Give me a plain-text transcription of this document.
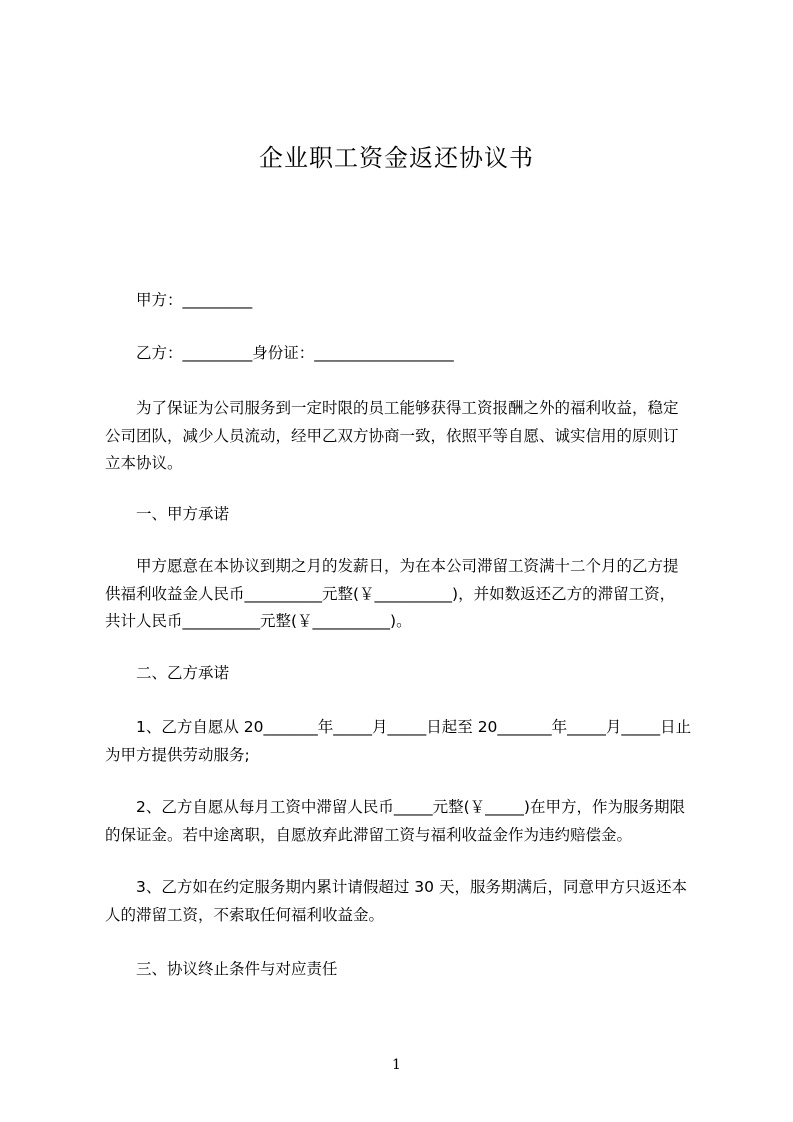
企业职工资金返还协议书

甲方：_________

乙方：_________身份证：__________________

为了保证为公司服务到一定时限的员工能够获得工资报酬之外的福利收益，稳定
公司团队，减少人员流动，经甲乙双方协商一致，依照平等自愿、诚实信用的原则订
立本协议。

一、甲方承诺

甲方愿意在本协议到期之月的发薪日，为在本公司滞留工资满十二个月的乙方提
供福利收益金人民币__________元整(￥__________)，并如数返还乙方的滞留工资，
共计人民币__________元整(￥__________)。

二、乙方承诺

1、乙方自愿从 20_______年_____月_____日起至 20_______年_____月_____日止
为甲方提供劳动服务;

2、乙方自愿从每月工资中滞留人民币_____元整(￥_____)在甲方，作为服务期限
的保证金。若中途离职，自愿放弃此滞留工资与福利收益金作为违约赔偿金。

3、乙方如在约定服务期内累计请假超过 30 天，服务期满后，同意甲方只返还本
人的滞留工资，不索取任何福利收益金。

三、协议终止条件与对应责任

1
